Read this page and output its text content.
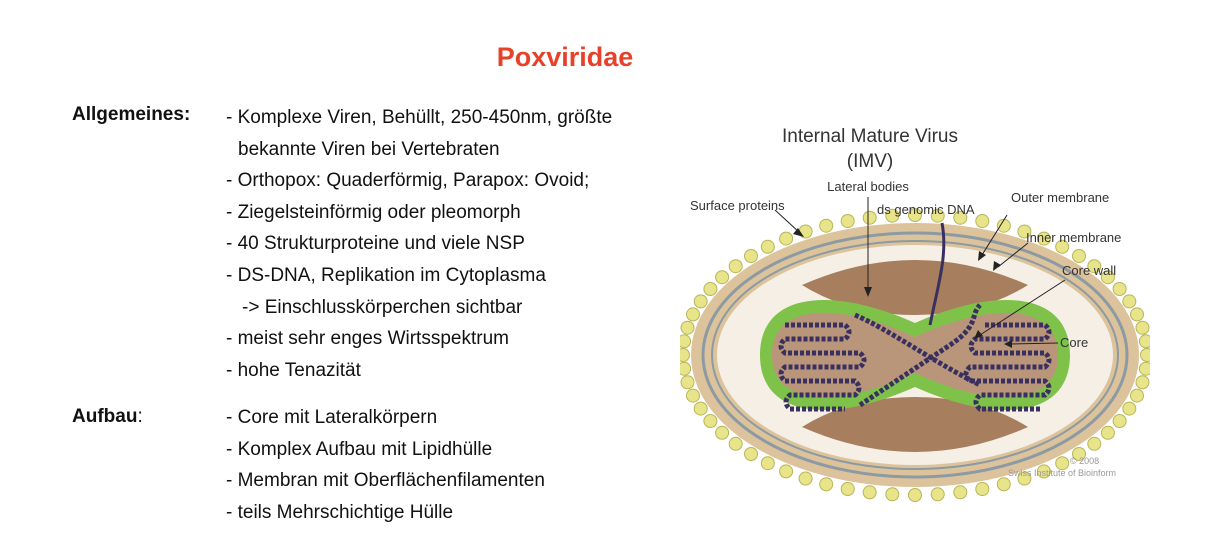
Poxviridae
Allgemeines: - Komplexe Viren, Behüllt, 250-450nm, größte
bekannte Viren bei Vertebraten
- Orthopox: Quaderförmig, Parapox: Ovoid;
- Ziegelsteinförmig oder pleomorph
- 40 Strukturproteine und viele NSP
- DS-DNA, Replikation im Cytoplasma
-> Einschlusskörperchen sichtbar
- meist sehr enges Wirtsspektrum
- hohe Tenazität
Aufbau:	- Core mit Lateralkörpern
- Komplex Aufbau mit Lipidhülle
- Membran mit Oberflächenfilamenten
- teils Mehrschichtige Hülle
Internal Mature Virus
(IMV)
Lateral bodies
Surface proteins	ds genomic DNA
Outer membrane
Inner membrane
Core wall
Core
© 2008
Swiss Institute of Bioinform
